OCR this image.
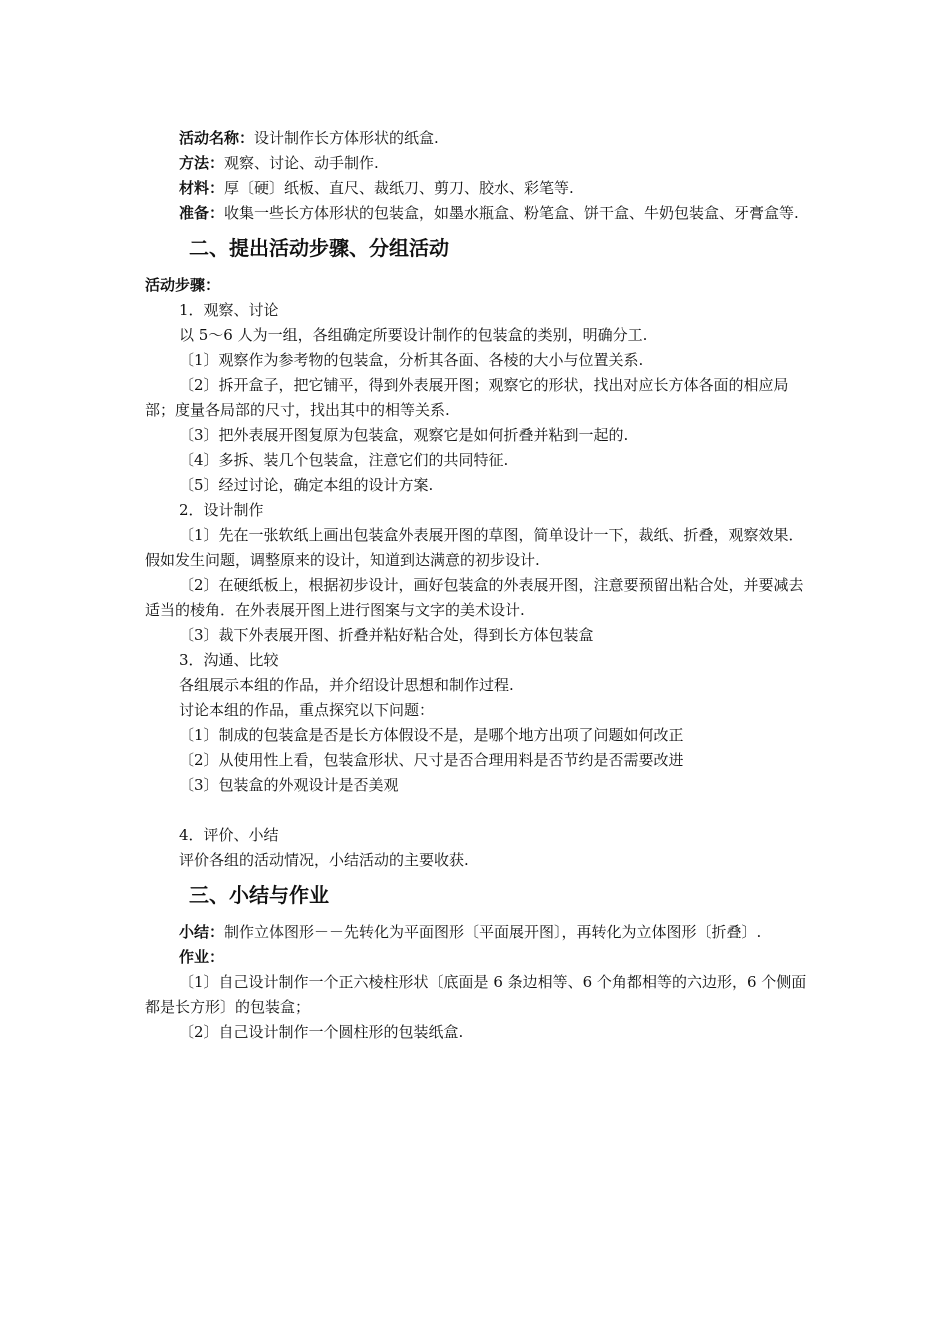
活动名称：设计制作长方体形状的纸盒.

方法：观察、讨论、动手制作.

材料：厚〔硬〕纸板、直尺、裁纸刀、剪刀、胶水、彩笔等.

准备：收集一些长方体形状的包装盒，如墨水瓶盒、粉笔盒、饼干盒、牛奶包装盒、牙膏盒等.

二、提出活动步骤、分组活动

活动步骤：

1．观察、讨论

以 5～6 人为一组，各组确定所要设计制作的包装盒的类别，明确分工.

〔1〕观察作为参考物的包装盒，分析其各面、各棱的大小与位置关系.

〔2〕拆开盒子，把它铺平，得到外表展开图；观察它的形状，找出对应长方体各面的相应局部；度量各局部的尺寸，找出其中的相等关系.

〔3〕把外表展开图复原为包装盒，观察它是如何折叠并粘到一起的.

〔4〕多拆、装几个包装盒，注意它们的共同特征.

〔5〕经过讨论，确定本组的设计方案.

2．设计制作

〔1〕先在一张软纸上画出包装盒外表展开图的草图，简单设计一下，裁纸、折叠，观察效果．假如发生问题，调整原来的设计，知道到达满意的初步设计.

〔2〕在硬纸板上，根据初步设计，画好包装盒的外表展开图，注意要预留出粘合处，并要减去适当的棱角．在外表展开图上进行图案与文字的美术设计.

〔3〕裁下外表展开图、折叠并粘好粘合处，得到长方体包装盒

3．沟通、比较

各组展示本组的作品，并介绍设计思想和制作过程.

讨论本组的作品，重点探究以下问题：

〔1〕制成的包装盒是否是长方体假设不是，是哪个地方出项了问题如何改正

〔2〕从使用性上看，包装盒形状、尺寸是否合理用料是否节约是否需要改进

〔3〕包装盒的外观设计是否美观

4．评价、小结

评价各组的活动情况，小结活动的主要收获.

三、小结与作业

小结：制作立体图形－－先转化为平面图形〔平面展开图〕，再转化为立体图形〔折叠〕.

作业：

〔1〕自己设计制作一个正六棱柱形状〔底面是 6 条边相等、6 个角都相等的六边形，6 个侧面都是长方形〕的包装盒；

〔2〕自己设计制作一个圆柱形的包装纸盒.
